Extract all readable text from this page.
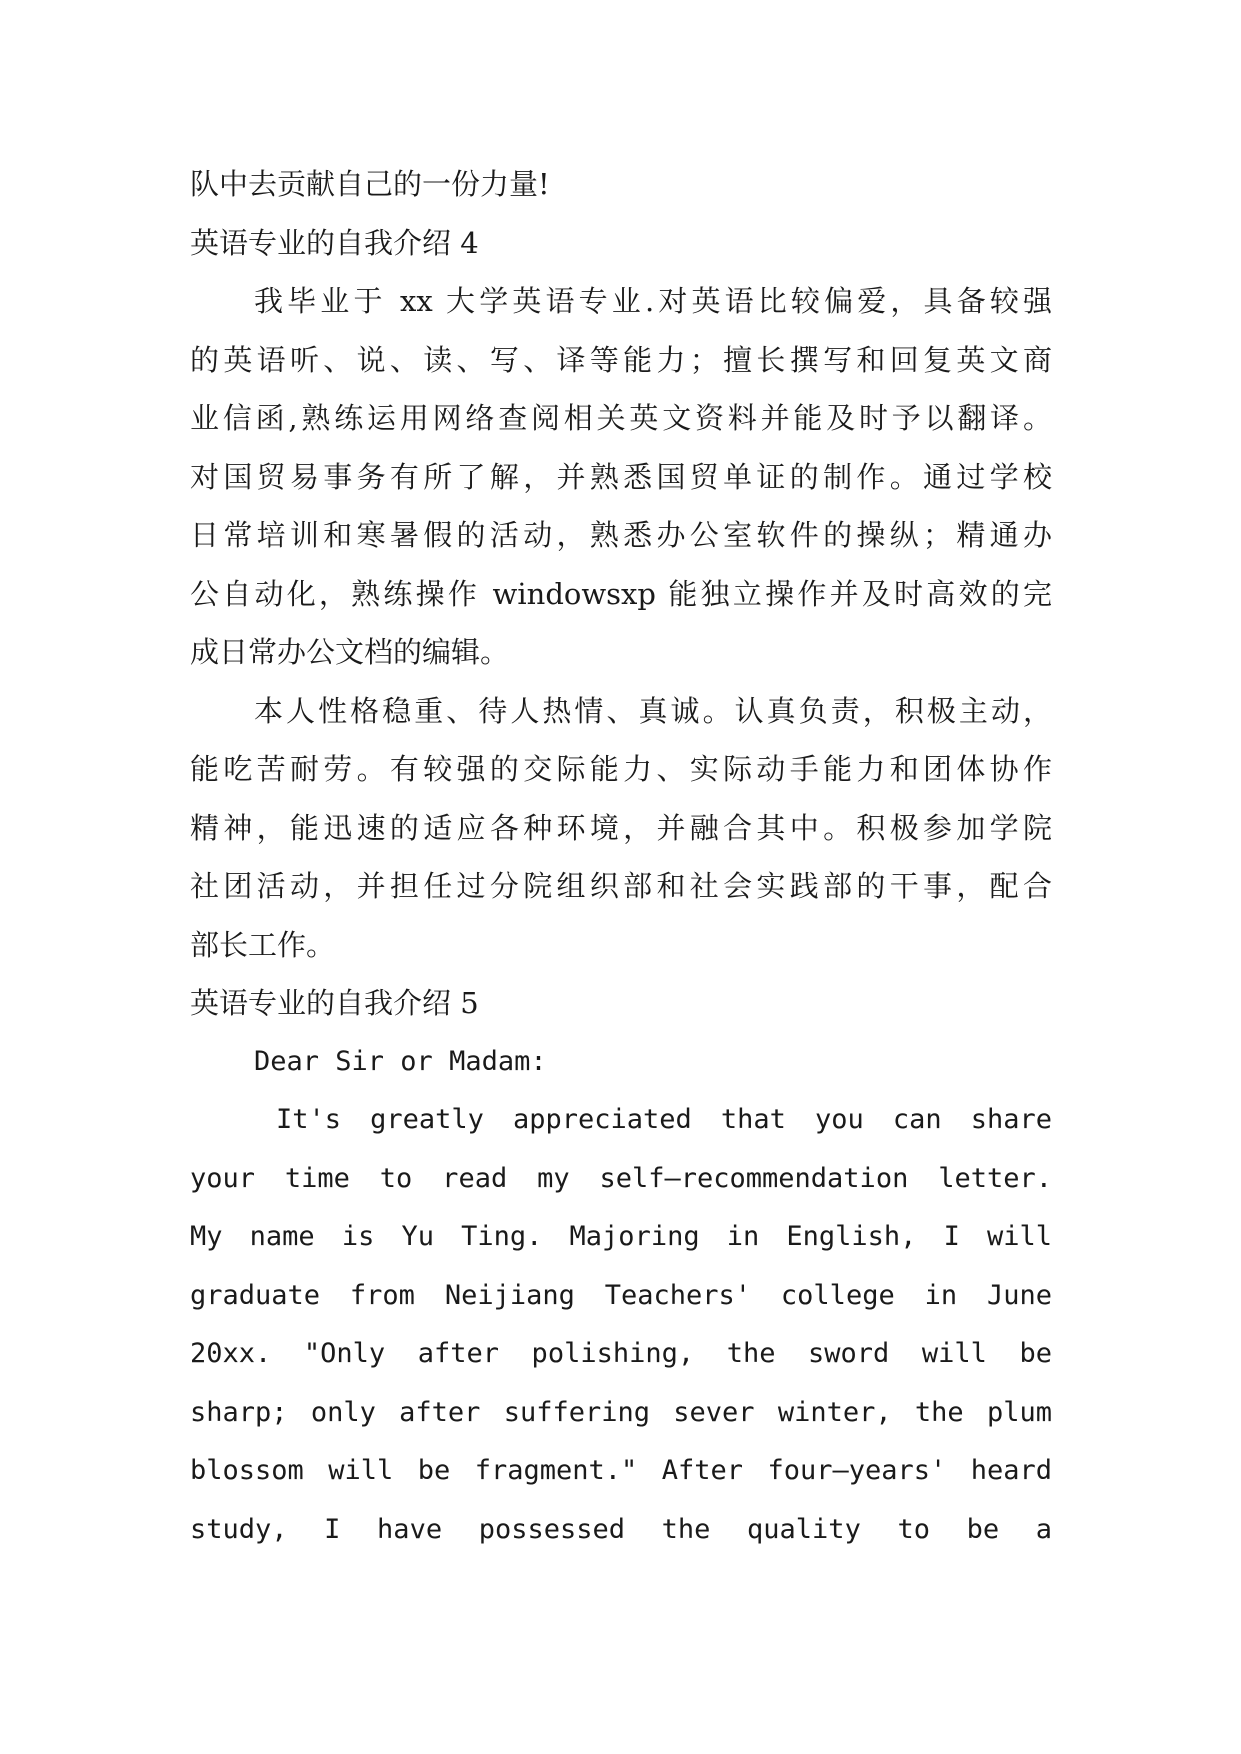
队中去贡献自己的一份力量!

英语专业的自我介绍 4

我毕业于 xx 大学英语专业.对英语比较偏爱，具备较强

的英语听、说、读、写、译等能力；擅长撰写和回复英文商

业信函,熟练运用网络查阅相关英文资料并能及时予以翻译。

对国贸易事务有所了解，并熟悉国贸单证的制作。通过学校

日常培训和寒暑假的活动，熟悉办公室软件的操纵；精通办

公自动化，熟练操作 windowsxp 能独立操作并及时高效的完

成日常办公文档的编辑。

本人性格稳重、待人热情、真诚。认真负责，积极主动，

能吃苦耐劳。有较强的交际能力、实际动手能力和团体协作

精神，能迅速的适应各种环境，并融合其中。积极参加学院

社团活动，并担任过分院组织部和社会实践部的干事，配合

部长工作。

英语专业的自我介绍 5

Dear Sir or Madam:

It's greatly appreciated that you can share

your time to read my self—recommendation letter.

My name is Yu Ting. Majoring in English, I will

graduate from Neijiang Teachers' college in June

20xx. "Only after polishing, the sword will be

sharp; only after suffering sever winter, the plum

blossom will be fragment." After four—years' heard

study, I have possessed the quality to be a
